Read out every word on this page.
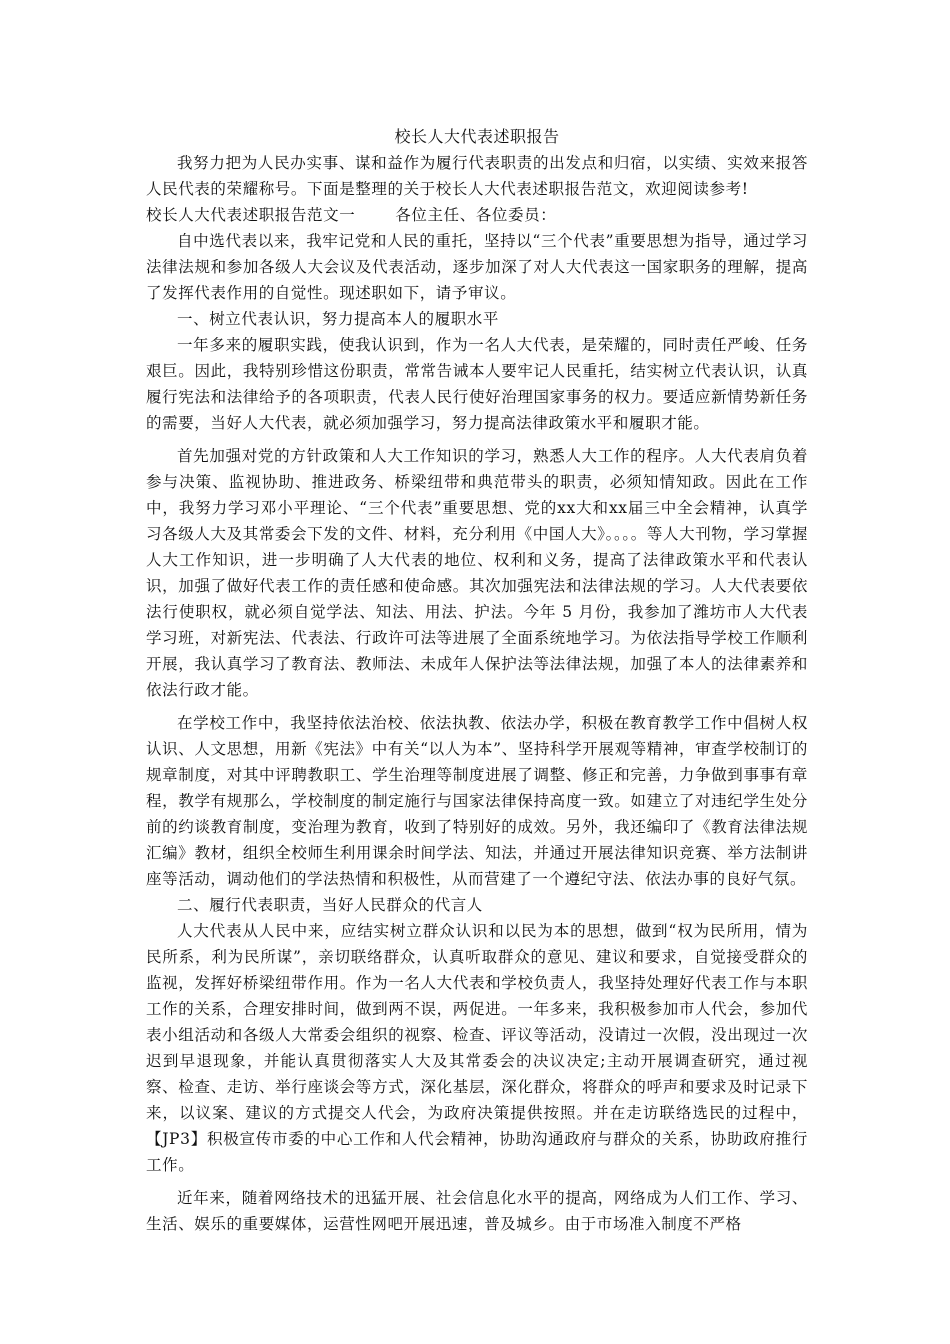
校长人大代表述职报告

我努力把为人民办实事、谋和益作为履行代表职责的出发点和归宿，以实绩、实效来报答人民代表的荣耀称号。下面是整理的关于校长人大代表述职报告范文，欢迎阅读参考!

校长人大代表述职报告范文一	各位主任、各位委员：

自中选代表以来，我牢记党和人民的重托，坚持以“三个代表”重要思想为指导，通过学习法律法规和参加各级人大会议及代表活动，逐步加深了对人大代表这一国家职务的理解，提高了发挥代表作用的自觉性。现述职如下，请予审议。

一、树立代表认识，努力提高本人的履职水平

一年多来的履职实践，使我认识到，作为一名人大代表，是荣耀的，同时责任严峻、任务艰巨。因此，我特别珍惜这份职责，常常告诫本人要牢记人民重托，结实树立代表认识，认真履行宪法和法律给予的各项职责，代表人民行使好治理国家事务的权力。要适应新情势新任务的需要，当好人大代表，就必须加强学习，努力提高法律政策水平和履职才能。

首先加强对党的方针政策和人大工作知识的学习，熟悉人大工作的程序。人大代表肩负着参与决策、监视协助、推进政务、桥梁纽带和典范带头的职责，必须知情知政。因此在工作中，我努力学习邓小平理论、“三个代表”重要思想、党的xx大和xx届三中全会精神，认真学习各级人大及其常委会下发的文件、材料，充分利用《中国人大》。。。。等人大刊物，学习掌握人大工作知识，进一步明确了人大代表的地位、权利和义务，提高了法律政策水平和代表认识，加强了做好代表工作的责任感和使命感。其次加强宪法和法律法规的学习。人大代表要依法行使职权，就必须自觉学法、知法、用法、护法。今年 5 月份，我参加了潍坊市人大代表学习班，对新宪法、代表法、行政许可法等进展了全面系统地学习。为依法指导学校工作顺利开展，我认真学习了教育法、教师法、未成年人保护法等法律法规，加强了本人的法律素养和依法行政才能。

在学校工作中，我坚持依法治校、依法执教、依法办学，积极在教育教学工作中倡树人权认识、人文思想，用新《宪法》中有关“以人为本”、坚持科学开展观等精神，审查学校制订的规章制度，对其中评聘教职工、学生治理等制度进展了调整、修正和完善，力争做到事事有章程，教学有规那么，学校制度的制定施行与国家法律保持高度一致。如建立了对违纪学生处分前的约谈教育制度，变治理为教育，收到了特别好的成效。另外，我还编印了《教育法律法规汇编》教材，组织全校师生利用课余时间学法、知法，并通过开展法律知识竞赛、举方法制讲座等活动，调动他们的学法热情和积极性，从而营建了一个遵纪守法、依法办事的良好气氛。

二、履行代表职责，当好人民群众的代言人

人大代表从人民中来，应结实树立群众认识和以民为本的思想，做到“权为民所用，情为民所系，利为民所谋”，亲切联络群众，认真听取群众的意见、建议和要求，自觉接受群众的监视，发挥好桥梁纽带作用。作为一名人大代表和学校负责人，我坚持处理好代表工作与本职工作的关系，合理安排时间，做到两不误，两促进。一年多来，我积极参加市人代会，参加代表小组活动和各级人大常委会组织的视察、检查、评议等活动，没请过一次假，没出现过一次迟到早退现象，并能认真贯彻落实人大及其常委会的决议决定;主动开展调查研究，通过视察、检查、走访、举行座谈会等方式，深化基层，深化群众，将群众的呼声和要求及时记录下来，以议案、建议的方式提交人代会，为政府决策提供按照。并在走访联络选民的过程中，【JP3】积极宣传市委的中心工作和人代会精神，协助沟通政府与群众的关系，协助政府推行工作。

近年来，随着网络技术的迅猛开展、社会信息化水平的提高，网络成为人们工作、学习、生活、娱乐的重要媒体，运营性网吧开展迅速，普及城乡。由于市场准入制度不严格
